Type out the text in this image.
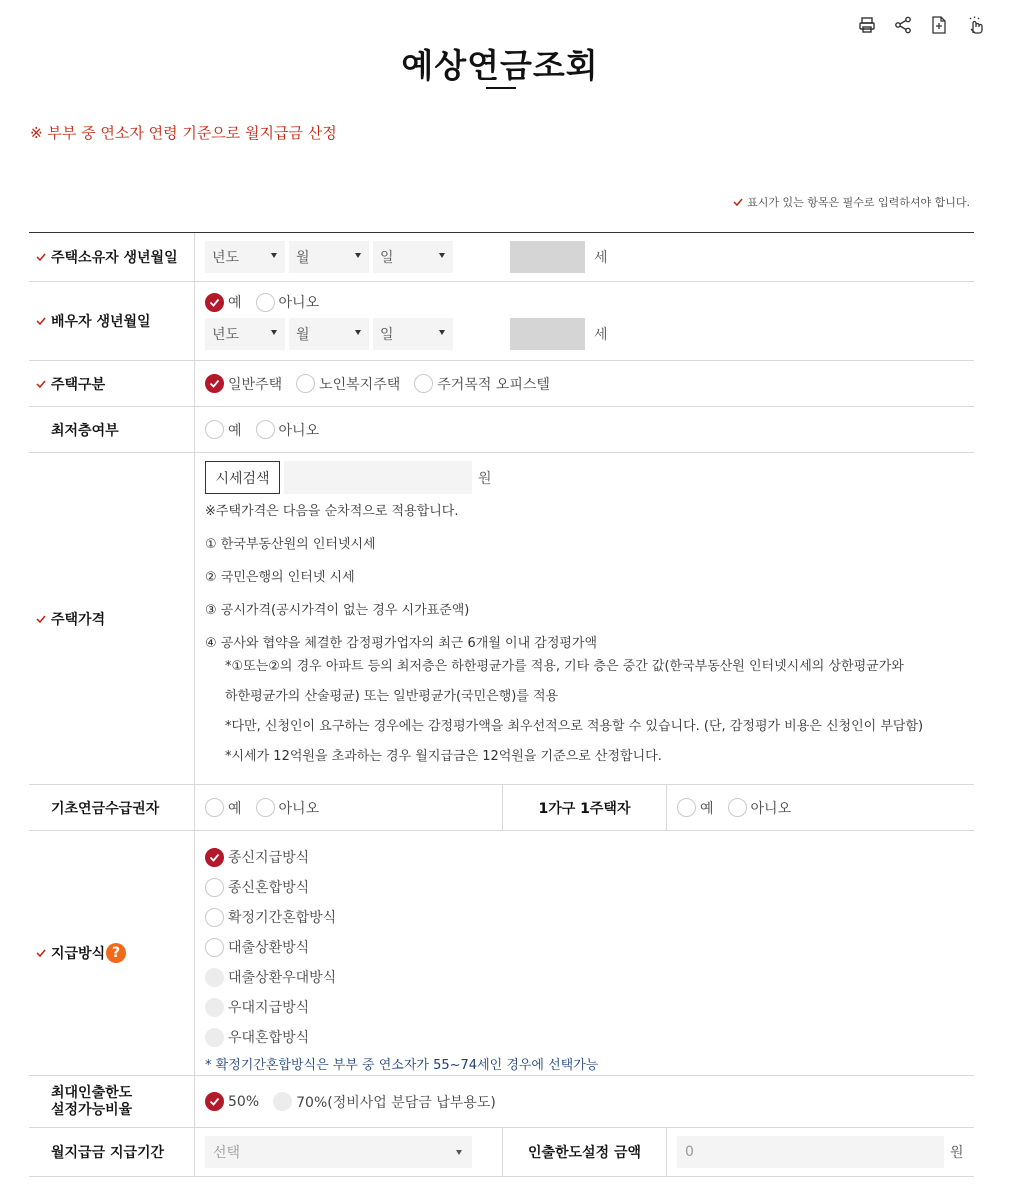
예상연금조회
※ 부부 중 연소자 연령 기준으로 월지급금 산정
표시가 있는 항목은 필수로 입력하셔야 합니다.
주택소유자 생년월일 년도	월	일	세
배우자 생년월일
예	아니오
년도	월	일	세
주택구분	일반주택	노인복지주택	주거목적 오피스텔
최저층여부	예	아니오
주택가격
시세검색	원
※주택가격은 다음을 순차적으로 적용합니다.
① 한국부동산원의 인터넷시세
② 국민은행의 인터넷 시세
③ 공시가격(공시가격이 없는 경우 시가표준액)
④ 공사와 협약을 체결한 감정평가업자의 최근 6개월 이내 감정평가액
*①또는②의 경우 아파트 등의 최저층은 하한평균가를 적용, 기타 층은 중간 값(한국부동산원 인터넷시세의 상한평균가와
하한평균가의 산술평균) 또는 일반평균가(국민은행)를 적용
*다만, 신청인이 요구하는 경우에는 감정평가액을 최우선적으로 적용할 수 있습니다. (단, 감정평가 비용은 신청인이 부담함)
*시세가 12억원을 초과하는 경우 월지급금은 12억원을 기준으로 산정합니다.
기초연금수급권자	예	아니오	1가구 1주택자	예	아니오
지급방식 ?
종신지급방식
종신혼합방식
확정기간혼합방식
대출상환방식
대출상환우대방식
우대지급방식
우대혼합방식
* 확정기간혼합방식은 부부 중 연소자가 55~74세인 경우에 선택가능
최대인출한도
설정가능비율	50%	70%(정비사업 분담금 납부용도)
월지급금 지급기간	선택	인출한도설정 금액	0	원
